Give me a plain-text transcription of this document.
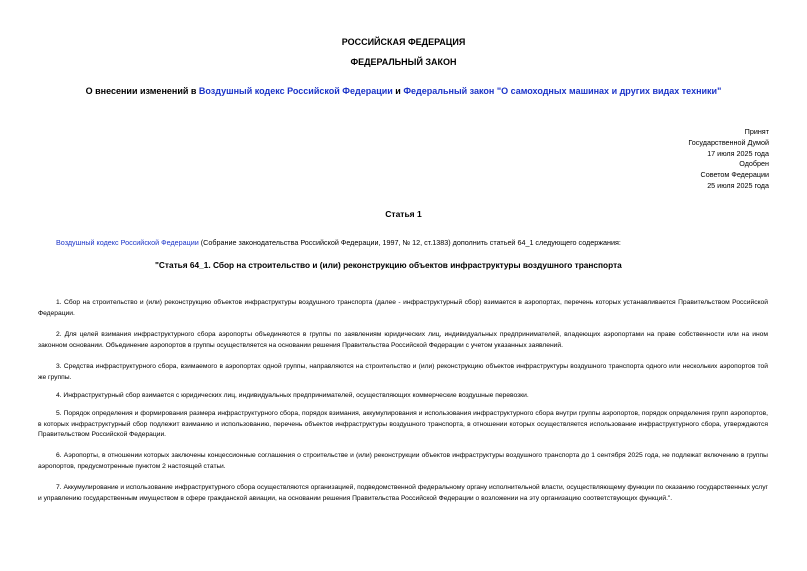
РОССИЙСКАЯ ФЕДЕРАЦИЯ
ФЕДЕРАЛЬНЫЙ ЗАКОН
О внесении изменений в Воздушный кодекс Российской Федерации и Федеральный закон "О самоходных машинах и других видах техники"
Принят
Государственной Думой
17 июля 2025 года
Одобрен
Советом Федерации
25 июля 2025 года
Статья 1
Воздушный кодекс Российской Федерации (Собрание законодательства Российской Федерации, 1997, № 12, ст.1383) дополнить статьей 64_1 следующего содержания:
"Статья 64_1. Сбор на строительство и (или) реконструкцию объектов инфраструктуры воздушного транспорта

1. Сбор на строительство и (или) реконструкцию объектов инфраструктуры воздушного транспорта (далее - инфраструктурный сбор) взимается в аэропортах, перечень которых устанавливается Правительством Российской Федерации.

2. Для целей взимания инфраструктурного сбора аэропорты объединяются в группы по заявлениям юридических лиц, индивидуальных предпринимателей, владеющих аэропортами на праве собственности или на ином законном основании. Объединение аэропортов в группы осуществляется на основании решения Правительства Российской Федерации с учетом указанных заявлений.

3. Средства инфраструктурного сбора, взимаемого в аэропортах одной группы, направляются на строительство и (или) реконструкцию объектов инфраструктуры воздушного транспорта одного или нескольких аэропортов той же группы.

4. Инфраструктурный сбор взимается с юридических лиц, индивидуальных предпринимателей, осуществляющих коммерческие воздушные перевозки.

5. Порядок определения и формирования размера инфраструктурного сбора, порядок взимания, аккумулирования и использования инфраструктурного сбора внутри группы аэропортов, порядок определения групп аэропортов, в которых инфраструктурный сбор подлежит взиманию и использованию, перечень объектов инфраструктуры воздушного транспорта, в отношении которых осуществляется использование инфраструктурного сбора, утверждаются Правительством Российской Федерации.

6. Аэропорты, в отношении которых заключены концессионные соглашения о строительстве и (или) реконструкции объектов инфраструктуры воздушного транспорта до 1 сентября 2025 года, не подлежат включению в группы аэропортов, предусмотренные пунктом 2 настоящей статьи.

7. Аккумулирование и использование инфраструктурного сбора осуществляются организацией, подведомственной федеральному органу исполнительной власти, осуществляющему функции по оказанию государственных услуг и управлению государственным имуществом в сфере гражданской авиации, на основании решения Правительства Российской Федерации о возложении на эту организацию соответствующих функций.".
